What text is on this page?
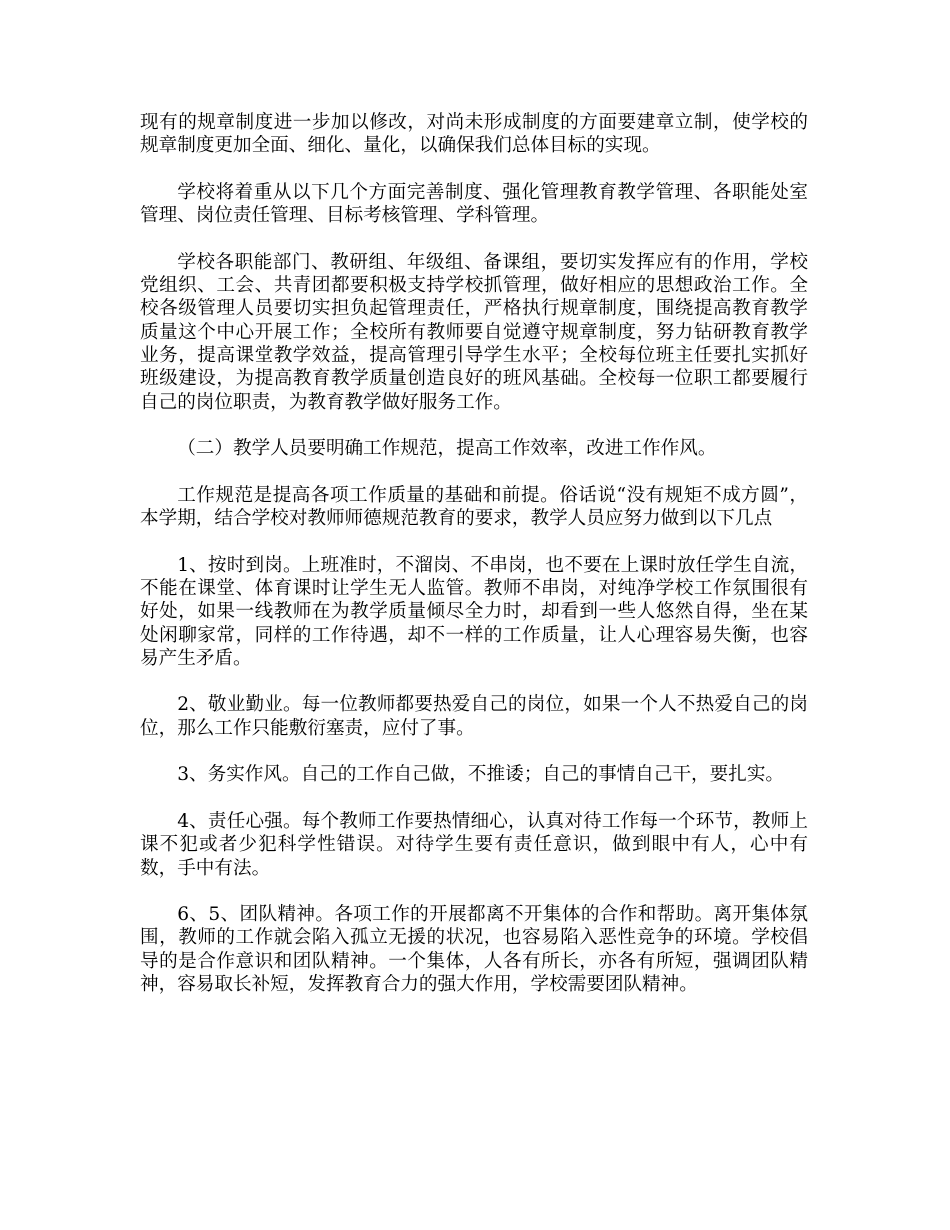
现有的规章制度进一步加以修改，对尚未形成制度的方面要建章立制，使学校的规章制度更加全面、细化、量化，以确保我们总体目标的实现。

学校将着重从以下几个方面完善制度、强化管理教育教学管理、各职能处室管理、岗位责任管理、目标考核管理、学科管理。

学校各职能部门、教研组、年级组、备课组，要切实发挥应有的作用，学校党组织、工会、共青团都要积极支持学校抓管理，做好相应的思想政治工作。全校各级管理人员要切实担负起管理责任，严格执行规章制度，围绕提高教育教学质量这个中心开展工作；全校所有教师要自觉遵守规章制度，努力钻研教育教学业务，提高课堂教学效益，提高管理引导学生水平；全校每位班主任要扎实抓好班级建设，为提高教育教学质量创造良好的班风基础。全校每一位职工都要履行自己的岗位职责，为教育教学做好服务工作。

（二）教学人员要明确工作规范，提高工作效率，改进工作作风。

工作规范是提高各项工作质量的基础和前提。俗话说“没有规矩不成方圆”，本学期，结合学校对教师师德规范教育的要求，教学人员应努力做到以下几点

1、按时到岗。上班准时，不溜岗、不串岗，也不要在上课时放任学生自流，不能在课堂、体育课时让学生无人监管。教师不串岗，对纯净学校工作氛围很有好处，如果一线教师在为教学质量倾尽全力时，却看到一些人悠然自得，坐在某处闲聊家常，同样的工作待遇，却不一样的工作质量，让人心理容易失衡，也容易产生矛盾。

2、敬业勤业。每一位教师都要热爱自己的岗位，如果一个人不热爱自己的岗位，那么工作只能敷衍塞责，应付了事。

3、务实作风。自己的工作自己做，不推诿；自己的事情自己干，要扎实。

4、责任心强。每个教师工作要热情细心，认真对待工作每一个环节，教师上课不犯或者少犯科学性错误。对待学生要有责任意识，做到眼中有人，心中有数，手中有法。

6、5、团队精神。各项工作的开展都离不开集体的合作和帮助。离开集体氛围，教师的工作就会陷入孤立无援的状况，也容易陷入恶性竞争的环境。学校倡导的是合作意识和团队精神。一个集体，人各有所长，亦各有所短，强调团队精神，容易取长补短，发挥教育合力的强大作用，学校需要团队精神。
